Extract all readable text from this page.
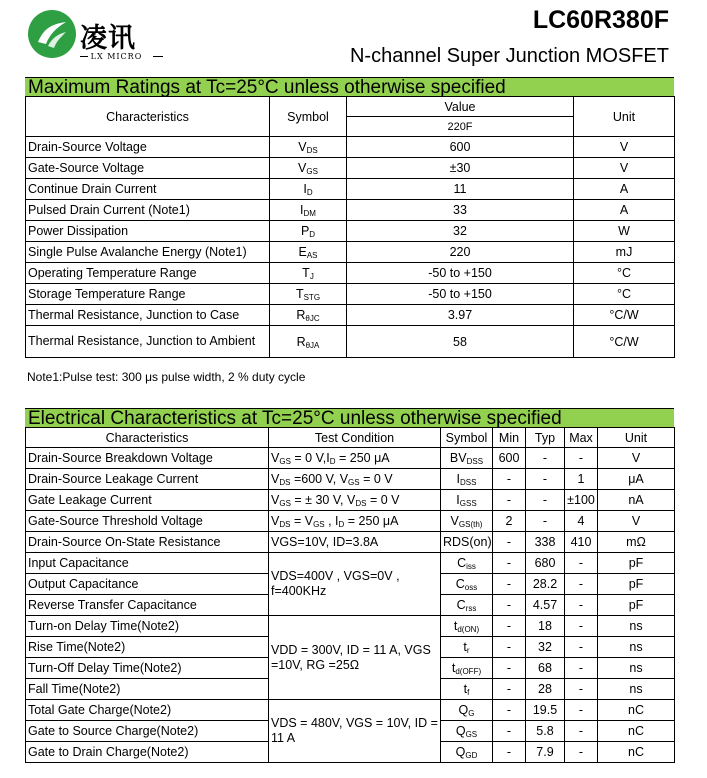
凌讯
LX MICRO
LC60R380F
N-channel Super Junction MOSFET
Maximum Ratings at Tc=25°C unless otherwise specified
Characteristics	Symbol	Value	Unit
		220F	
Drain-Source Voltage	$V_{DS}$	600	V
Gate-Source Voltage	$V_{GS}$	±30	V
Continue Drain Current	$I_D$	11	A
Pulsed Drain Current (Note1)	$I_{DM}$	33	A
Power Dissipation	$P_D$	32	W
Single Pulse Avalanche Energy (Note1)	$E_{AS}$	220	mJ
Operating Temperature Range	$T_J$	-50 to +150	°C
Storage Temperature Range	$T_{STG}$	-50 to +150	°C
Thermal Resistance, Junction to Case	$R_{\theta JC}$	3.97	°C/W
Thermal Resistance, Junction to Ambient	$R_{\theta JA}$	58	°C/W
Note1:Pulse test: 300 μs pulse width, 2 % duty cycle
Electrical Characteristics at Tc=25°C unless otherwise specified
Characteristics	Test Condition	Symbol	Min	Typ	Max	Unit
Drain-Source Breakdown Voltage	$V_{GS} = 0$ $V,I_D = 250$ μA	$BV_{DSS}$	600	-	-	V
Drain-Source Leakage Current	$V_{DS} =600$ V, $V_{GS} = 0$ V	$I_{DSS}$	-	-	1	μA
Gate Leakage Current	$V_{GS}$ = ± 30 V, $V_{DS} = 0$ V	$I_{GSS}$	-	-	±100	nA
Gate-Source Threshold Voltage	$V_{DS} = V_{GS}$ , $I_D = 250$ μA	$V_{GS(th)}$	2	-	4	V
Drain-Source On-State Resistance	VGS=10V, ID=3.8A	RDS(on)	-	338	410	mΩ
Input Capacitance	VDS=400V , VGS=0V , f=400KHz	$C_{iss}$	-	680	-	pF
Output Capacitance		$C_{oss}$	-	28.2	-	pF
Reverse Transfer Capacitance		$C_{rss}$	-	4.57	-	pF
Turn-on Delay Time(Note2)	VDD = 300V, ID = 11 A, VGS =10V, RG =25Ω	$t_{d(ON)}$	-	18	-	ns
Rise Time(Note2)		$t_r$	-	32	-	ns
Turn-Off Delay Time(Note2)		$t_{d(OFF)}$	-	68	-	ns
Fall Time(Note2)		$t_f$	-	28	-	ns
Total Gate Charge(Note2)	VDS = 480V, VGS = 10V, ID = 11 A	$Q_G$	-	19.5	-	nC
Gate to Source Charge(Note2)		$Q_{GS}$	-	5.8	-	nC
Gate to Drain Charge(Note2)		$Q_{GD}$	-	7.9	-	nC
